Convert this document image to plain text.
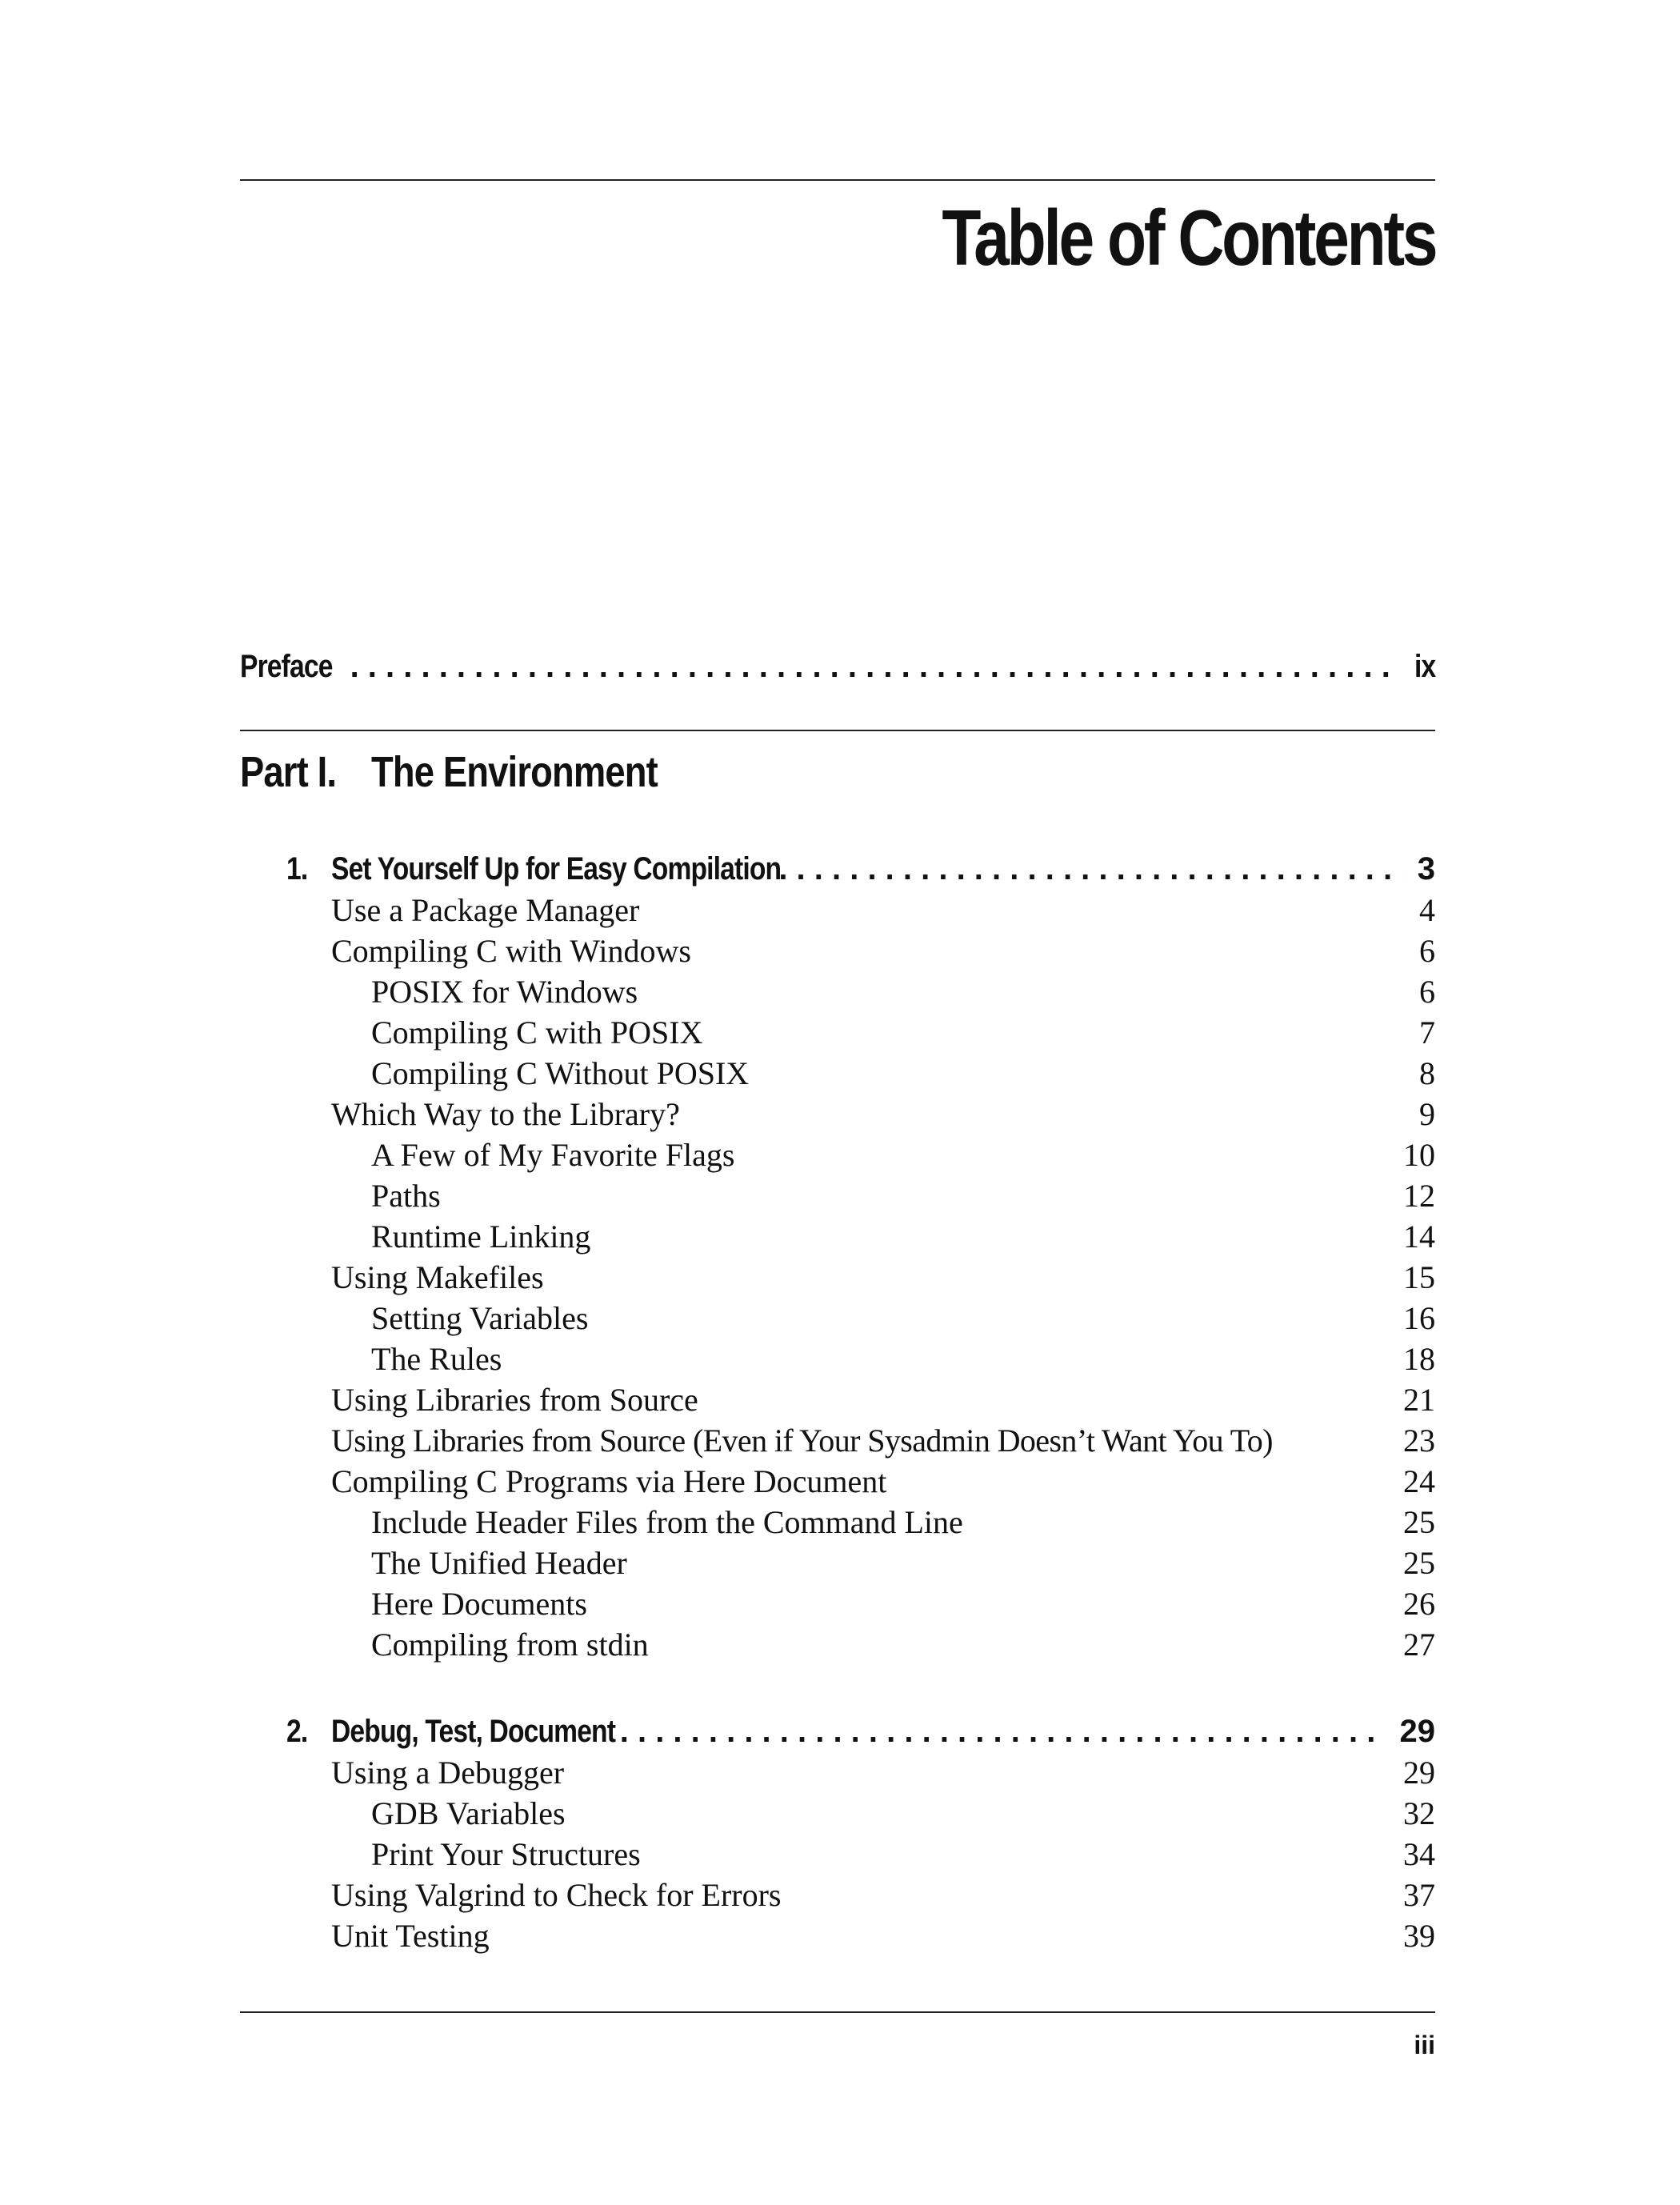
Table of Contents
Preface . . .	ix
Part I. The Environment
1. Set Yourself Up for Easy Compilation . . .	3
Use a Package Manager	4
Compiling C with Windows	6
POSIX for Windows	6
Compiling C with POSIX	7
Compiling C Without POSIX	8
Which Way to the Library?	9
A Few of My Favorite Flags	10
Paths	12
Runtime Linking	14
Using Makefiles	15
Setting Variables	16
The Rules	18
Using Libraries from Source	21
Using Libraries from Source (Even if Your Sysadmin Doesn’t Want You To)	23
Compiling C Programs via Here Document	24
Include Header Files from the Command Line	25
The Unified Header	25
Here Documents	26
Compiling from stdin	27
2. Debug, Test, Document . . .	29
Using a Debugger	29
GDB Variables	32
Print Your Structures	34
Using Valgrind to Check for Errors	37
Unit Testing	39
iii
